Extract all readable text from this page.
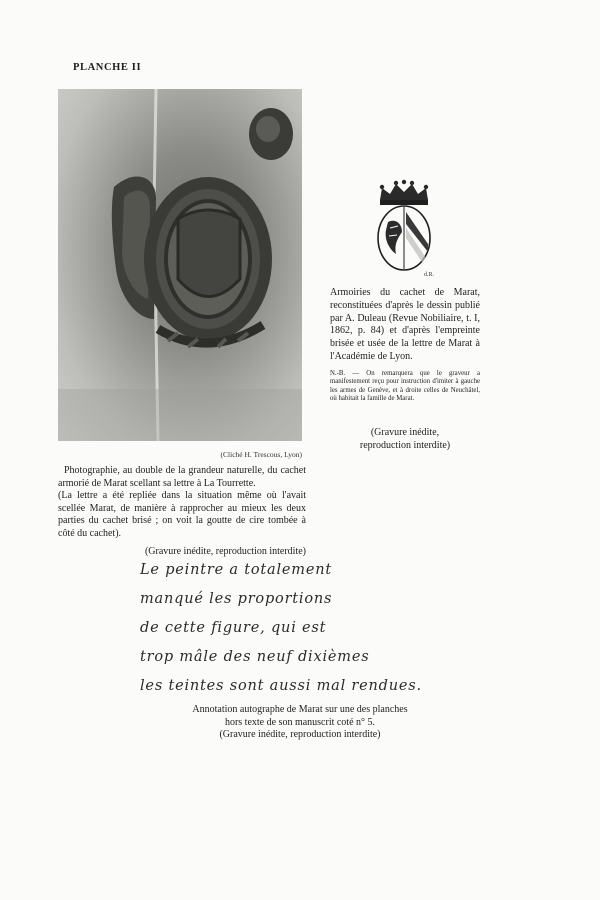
PLANCHE II
(Cliché H. Trescous, Lyon)

Photographie, au double de la grandeur naturelle, du cachet armorié de Marat scellant sa lettre à La Tourrette.

(La lettre a été repliée dans la situation même où l'avait scellée Marat, de manière à rapprocher au mieux les deux parties du cachet brisé ; on voit la goutte de cire tombée à côté du cachet).

(Gravure inédite, reproduction interdite)

d.R.
Armoiries du cachet de Marat, reconstituées d'après le dessin publié par A. Duleau (Revue Nobiliaire, t. I, 1862, p. 84) et d'après l'empreinte brisée et usée de la lettre de Marat à l'Académie de Lyon.
N.-B. — On remarquera que le graveur a manifestement reçu pour instruction d'imiter à gauche les armes de Genève, et à droite celles de Neuchâtel, où habitait la famille de Marat.
(Gravure inédite,
reproduction interdite)
Le peintre a totalement
manqué les proportions
de cette figure, qui est
trop mâle des neuf dixièmes
les teintes sont aussi mal rendues.
Annotation autographe de Marat sur une des planches
hors texte de son manuscrit coté n° 5.
(Gravure inédite, reproduction interdite)
